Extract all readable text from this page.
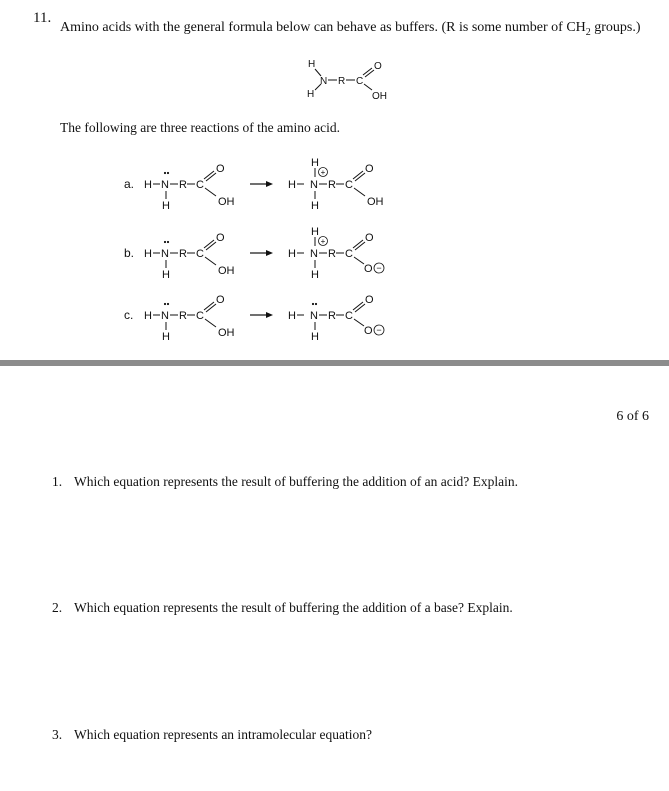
11.
Amino acids with the general formula below can behave as buffers. (R is some number of $CH_2$ groups.)
H
H
N R C
O
OH
The following are three reactions of the amino acid.
a. H N
H
R C
O
OH
H
H
+
N
H
R C
O
OH
b. H N
H
R C
O
OH
H
H
+
N
H
R C
O
O −
c. H N
H
R C
O
OH
H N
H
R C
O
O −
6 of 6
1. Which equation represents the result of buffering the addition of an acid? Explain.
2. Which equation represents the result of buffering the addition of a base? Explain.
3. Which equation represents an intramolecular equation?
